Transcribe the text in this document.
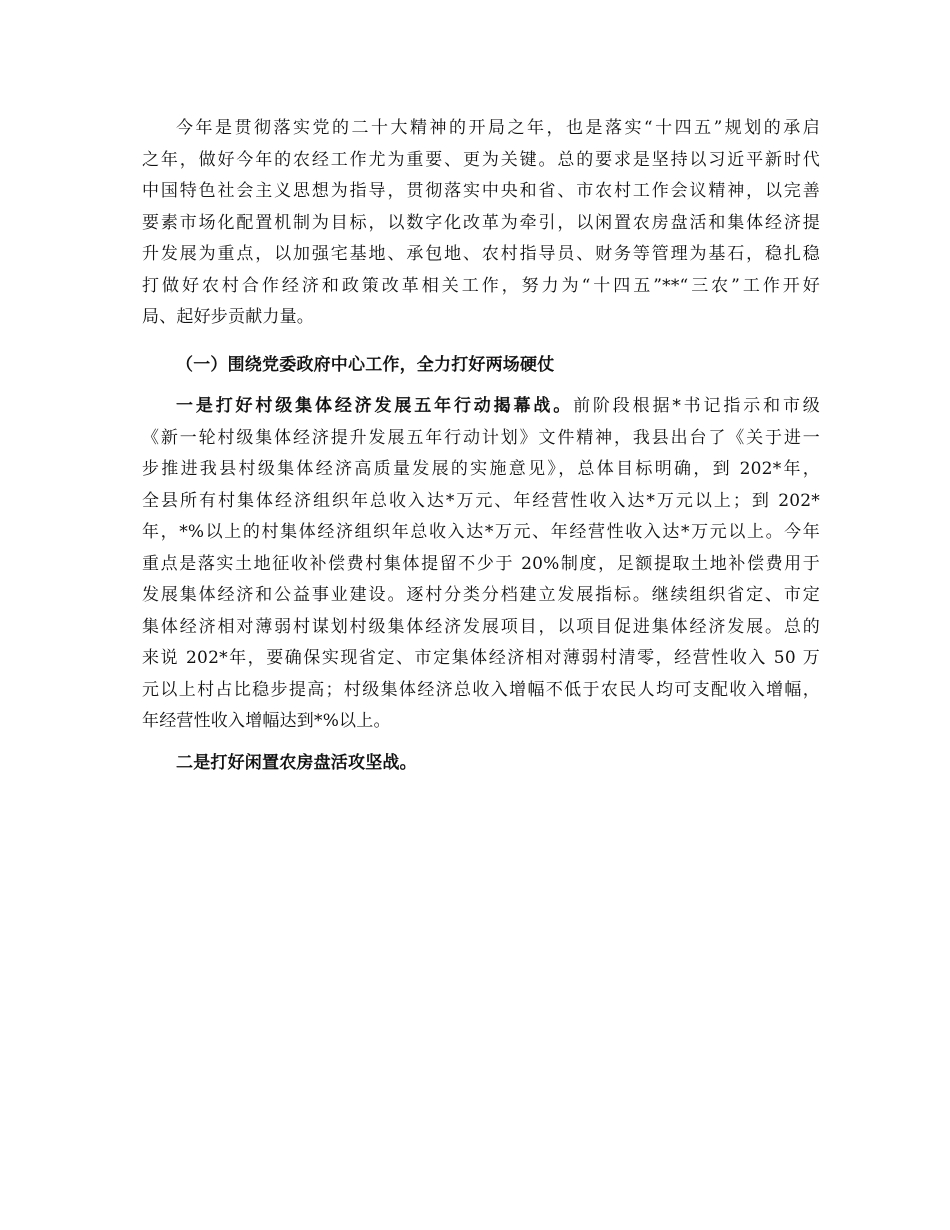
今年是贯彻落实党的二十大精神的开局之年，也是落实“十四五”规划的承启
之年，做好今年的农经工作尤为重要、更为关键。总的要求是坚持以习近平新时代
中国特色社会主义思想为指导，贯彻落实中央和省、市农村工作会议精神，以完善
要素市场化配置机制为目标，以数字化改革为牵引，以闲置农房盘活和集体经济提
升发展为重点，以加强宅基地、承包地、农村指导员、财务等管理为基石，稳扎稳
打做好农村合作经济和政策改革相关工作，努力为“十四五”**“三农”工作开好
局、起好步贡献力量。
（一）围绕党委政府中心工作，全力打好两场硬仗
一是打好村级集体经济发展五年行动揭幕战。前阶段根据*书记指示和市级
《新一轮村级集体经济提升发展五年行动计划》文件精神，我县出台了《关于进一
步推进我县村级集体经济高质量发展的实施意见》，总体目标明确，到 202*年，
全县所有村集体经济组织年总收入达*万元、年经营性收入达*万元以上；到 202*
年，*%以上的村集体经济组织年总收入达*万元、年经营性收入达*万元以上。今年
重点是落实土地征收补偿费村集体提留不少于 20%制度，足额提取土地补偿费用于
发展集体经济和公益事业建设。逐村分类分档建立发展指标。继续组织省定、市定
集体经济相对薄弱村谋划村级集体经济发展项目，以项目促进集体经济发展。总的
来说 202*年，要确保实现省定、市定集体经济相对薄弱村清零，经营性收入 50 万
元以上村占比稳步提高；村级集体经济总收入增幅不低于农民人均可支配收入增幅，
年经营性收入增幅达到*%以上。
二是打好闲置农房盘活攻坚战。
